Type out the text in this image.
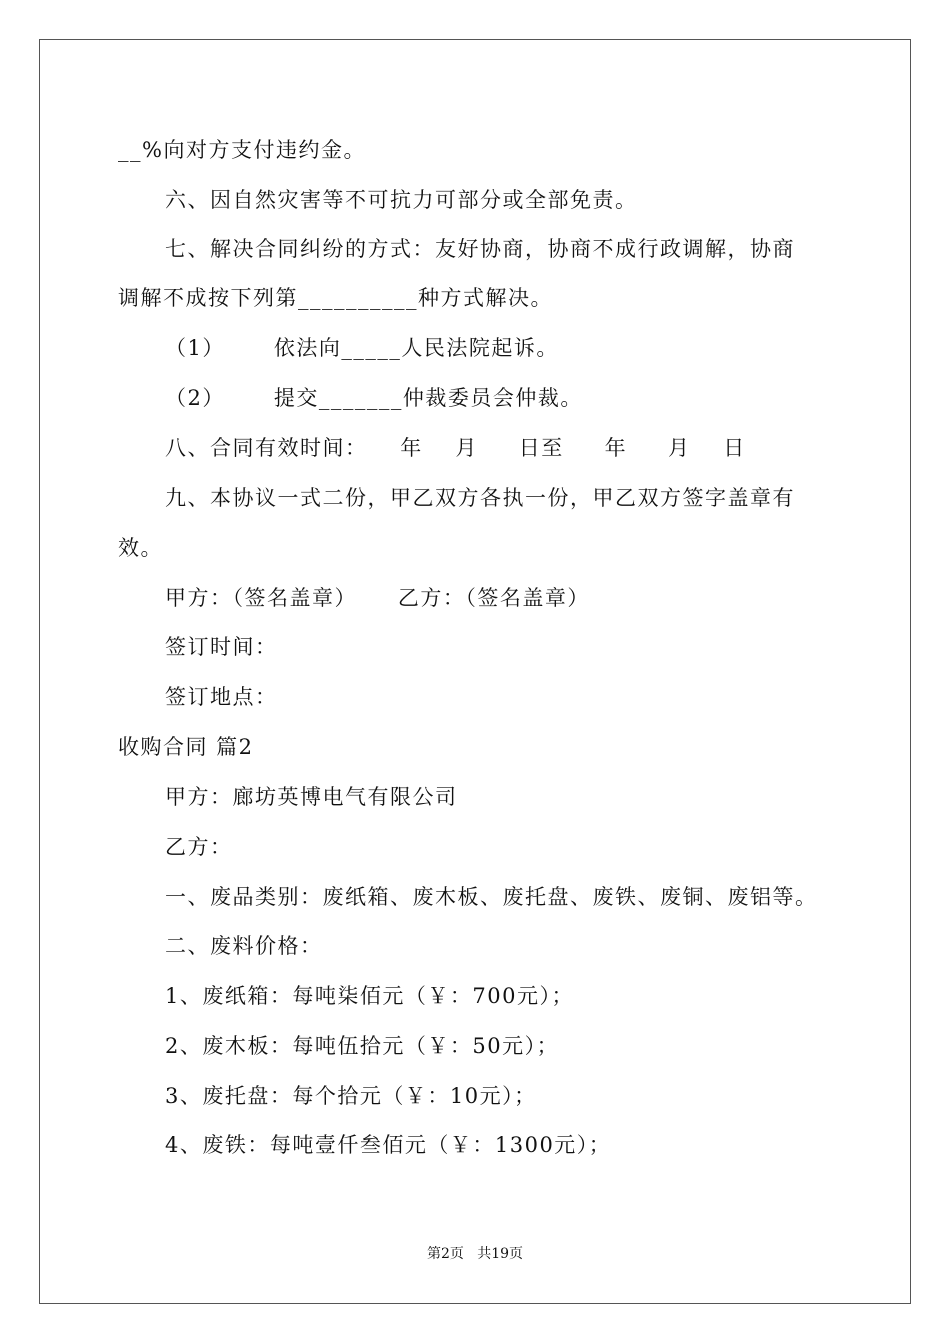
__%向对方支付违约金。
六、因自然灾害等不可抗力可部分或全部免责。
七、解决合同纠纷的方式：友好协商，协商不成行政调解，协商
调解不成按下列第__________种方式解决。
（1）      依法向_____人民法院起诉。
（2）      提交_______仲裁委员会仲裁。
八、合同有效时间：    年    月     日至     年     月    日
九、本协议一式二份，甲乙双方各执一份，甲乙双方签字盖章有
效。
甲方：（签名盖章）     乙方：（签名盖章）
签订时间：
签订地点：
收购合同 篇2
甲方：廊坊英博电气有限公司
乙方：
一、废品类别：废纸箱、废木板、废托盘、废铁、废铜、废铝等。
二、废料价格：
1、废纸箱：每吨柒佰元（￥：700元）；
2、废木板：每吨伍拾元（￥：50元）；
3、废托盘：每个拾元（￥：10元）；
4、废铁：每吨壹仟叁佰元（￥：1300元）；
第2页   共19页
